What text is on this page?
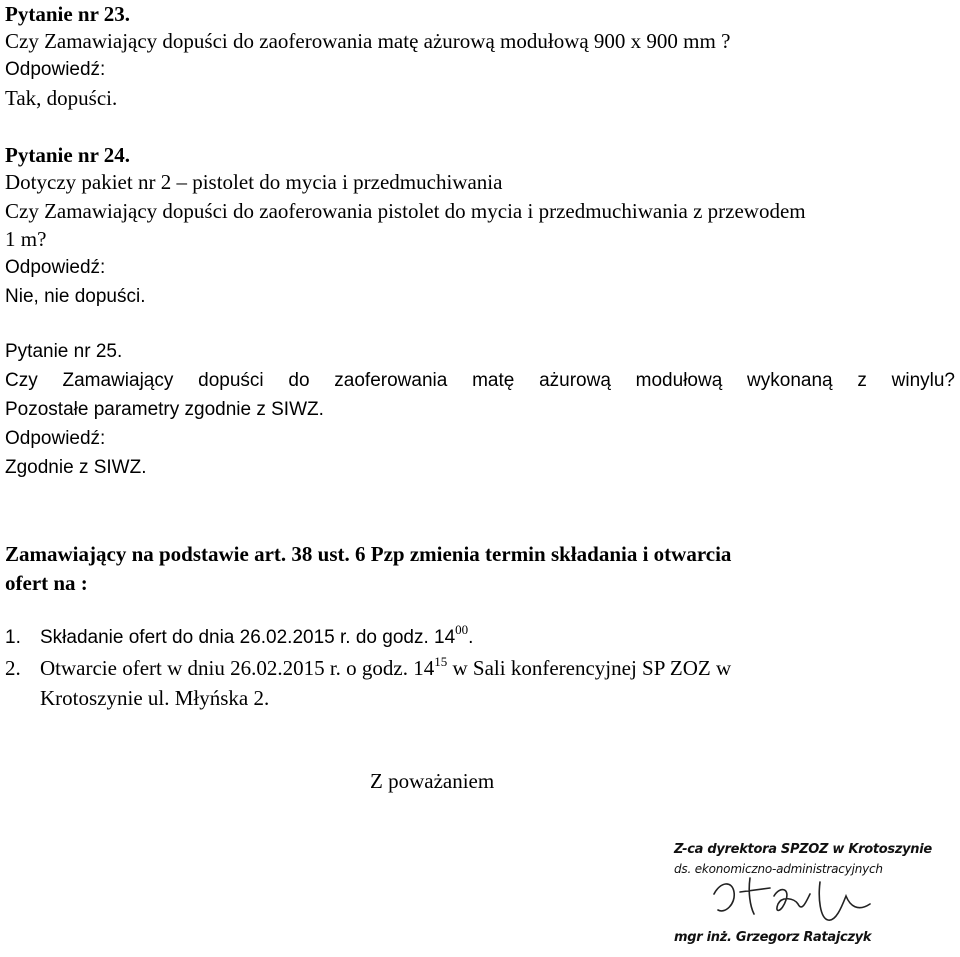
Pytanie nr 23.
Czy Zamawiający dopuści do zaoferowania matę ażurową modułową 900 x 900 mm ?
Odpowiedź:
Tak, dopuści.
Pytanie nr 24.
Dotyczy pakiet nr 2 – pistolet do mycia i przedmuchiwania
Czy Zamawiający dopuści do zaoferowania pistolet do mycia i przedmuchiwania z przewodem
1 m?
Odpowiedź:
Nie, nie dopuści.
Pytanie nr 25.
Czy Zamawiający dopuści do zaoferowania matę ażurową modułową wykonaną z winylu?
Pozostałe parametry zgodnie z SIWZ.
Odpowiedź:
Zgodnie z SIWZ.
Zamawiający na podstawie art. 38 ust. 6 Pzp zmienia termin składania i otwarcia
ofert na :
1. Składanie ofert do dnia 26.02.2015 r. do godz. $14^{00}$.
2. Otwarcie ofert w dniu 26.02.2015 r. o godz. $14^{15}$ w Sali konferencyjnej SP ZOZ w
Krotoszynie ul. Młyńska 2.
Z poważaniem
Z-ca dyrektora SPZOZ w Krotoszynie
ds. ekonomiczno-administracyjnych
mgr inż. Grzegorz Ratajczyk
